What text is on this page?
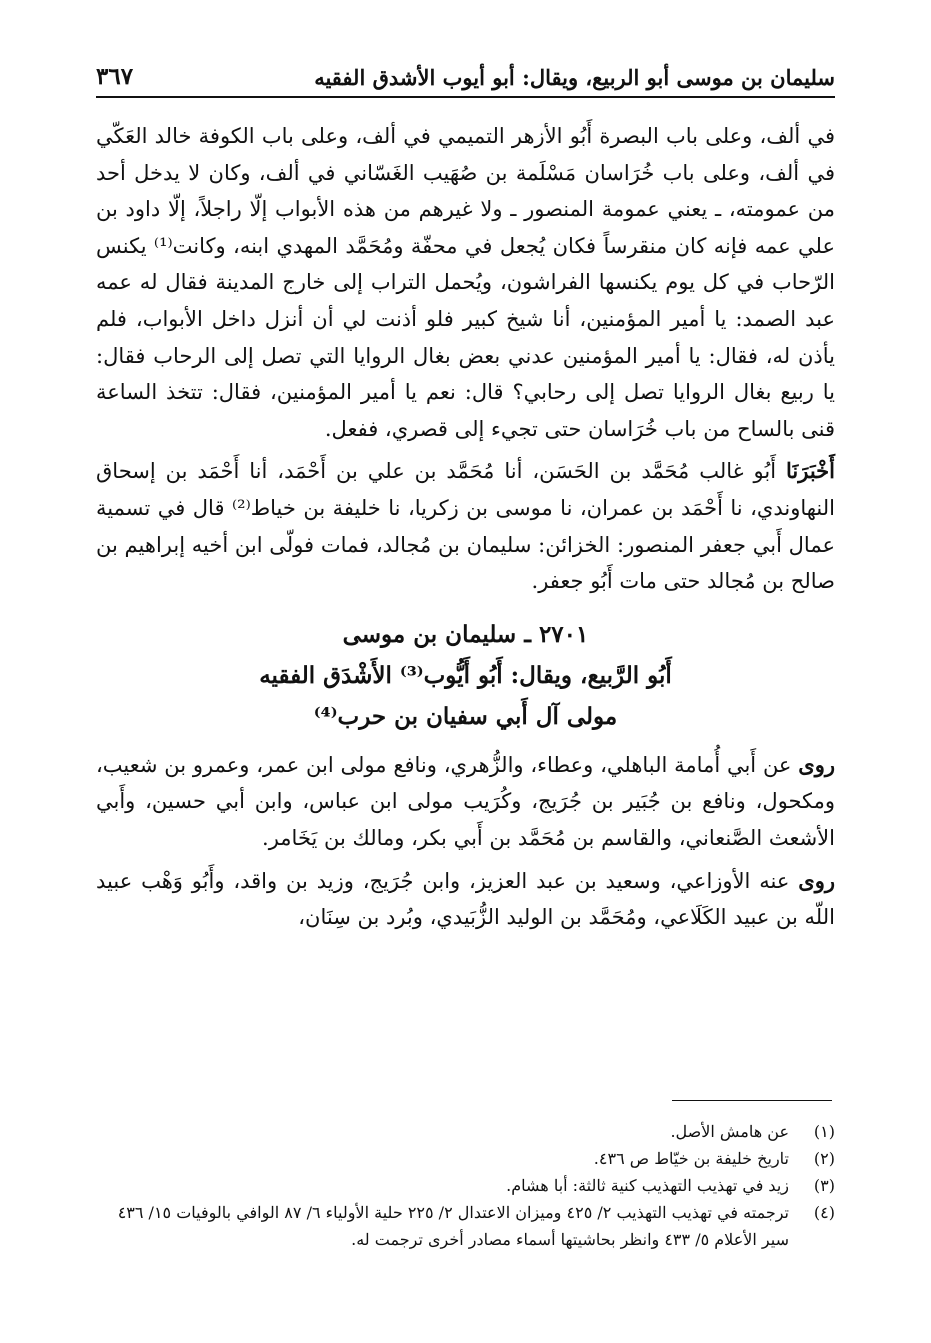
سليمان بن موسى أبو الربيع، ويقال: أبو أيوب الأشدق الفقيه
٣٦٧

في ألف، وعلى باب البصرة أَبُو الأزهر التميمي في ألف، وعلى باب الكوفة خالد العَكّي في ألف، وعلى باب خُرَاسان مَسْلَمة بن صُهَيب الغَسّاني في ألف، وكان لا يدخل أحد من عمومته، ـ يعني عمومة المنصور ـ ولا غيرهم من هذه الأبواب إلّا راجلاً، إلّا داود بن علي عمه فإنه كان منقرساً فكان يُجعل في محفّة ومُحَمَّد المهدي ابنه، وكانت⁽¹⁾ يكنس الرّحاب في كل يوم يكنسها الفراشون، ويُحمل التراب إلى خارج المدينة فقال له عمه عبد الصمد: يا أمير المؤمنين، أنا شيخ كبير فلو أذنت لي أن أنزل داخل الأبواب، فلم يأذن له، فقال: يا أمير المؤمنين عدني بعض بغال الروايا التي تصل إلى الرحاب فقال: يا ربيع بغال الروايا تصل إلى رحابي؟ قال: نعم يا أمير المؤمنين، فقال: تتخذ الساعة قنى بالساح من باب خُرَاسان حتى تجيء إلى قصري، ففعل.

أَخْبَرَنَا أَبُو غالب مُحَمَّد بن الحَسَن، أنا مُحَمَّد بن علي بن أَحْمَد، أنا أَحْمَد بن إسحاق النهاوندي، نا أَحْمَد بن عمران، نا موسى بن زكريا، نا خليفة بن خياط⁽²⁾ قال في تسمية عمال أَبي جعفر المنصور: الخزائن: سليمان بن مُجالد، فمات فولّى ابن أخيه إبراهيم بن صالح بن مُجالد حتى مات أَبُو جعفر.

٢٧٠١ ـ سليمان بن موسى
أَبُو الرَّبيع، ويقال: أَبُو أَيُّوب⁽³⁾ الأَشْدَق الفقيه
مولى آل أَبي سفيان بن حرب⁽⁴⁾

روى عن أَبي أُمامة الباهلي، وعطاء، والزُّهري، ونافع مولى ابن عمر، وعمرو بن شعيب، ومكحول، ونافع بن جُبَير بن جُرَيج، وكُرَيب مولى ابن عباس، وابن أبي حسين، وأَبي الأشعث الصَّنعاني، والقاسم بن مُحَمَّد بن أَبي بكر، ومالك بن يَخَامر.

روى عنه الأوزاعي، وسعيد بن عبد العزيز، وابن جُرَيج، وزيد بن واقد، وأَبُو وَهْب عبيد اللّه بن عبيد الكَلَاعي، ومُحَمَّد بن الوليد الزُّبَيدي، وبُرد بن سِنَان،

(١)
عن هامش الأصل.
(٢)
تاريخ خليفة بن خيّاط ص ٤٣٦.
(٣)
زيد في تهذيب التهذيب كنية ثالثة: أبا هشام.
(٤)
ترجمته في تهذيب التهذيب ٢/ ٤٢٥ وميزان الاعتدال ٢/ ٢٢٥ حلية الأولياء ٦/ ٨٧ الوافي بالوفيات ١٥/ ٤٣٦ سير الأعلام ٥/ ٤٣٣ وانظر بحاشيتها أسماء مصادر أخرى ترجمت له.
